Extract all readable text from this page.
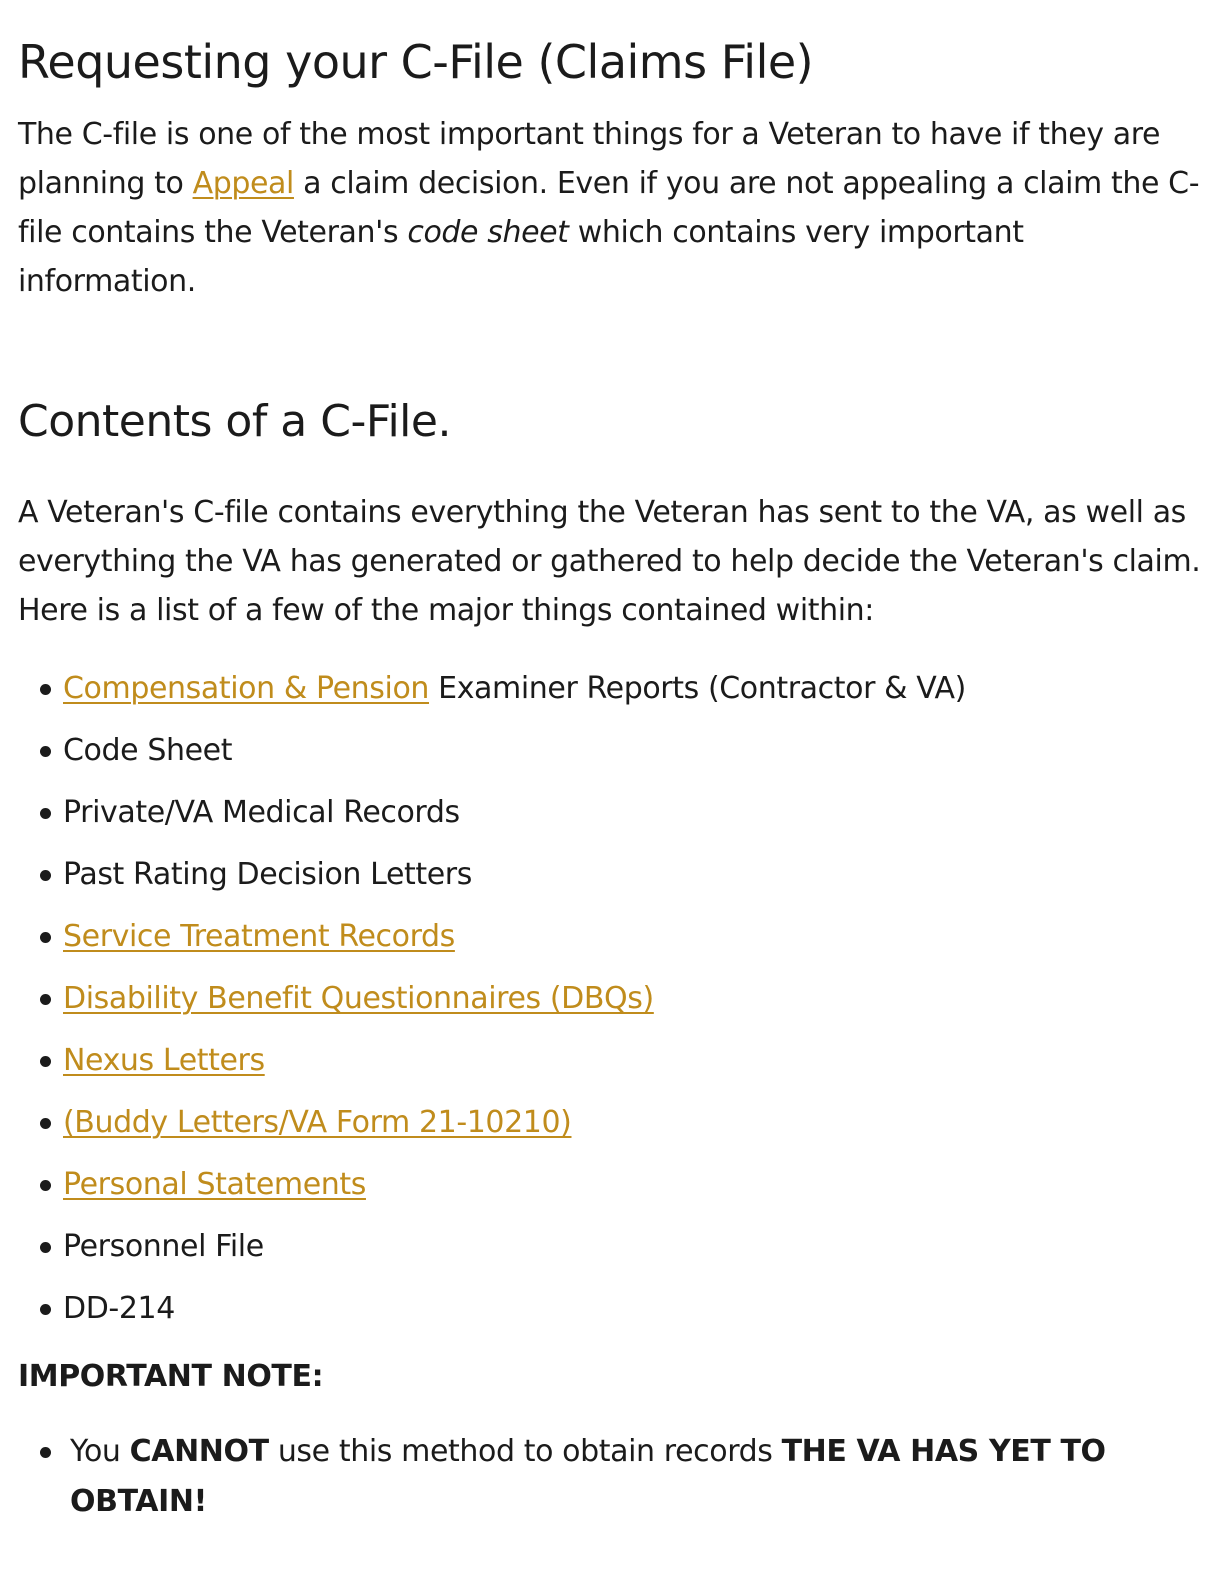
Requesting your C-File (Claims File)

The C-file is one of the most important things for a Veteran to have if they are planning to Appeal a claim decision. Even if you are not appealing a claim the C-file contains the Veteran's code sheet which contains very important information.

Contents of a C-File.

A Veteran's C-file contains everything the Veteran has sent to the VA, as well as everything the VA has generated or gathered to help decide the Veteran's claim. Here is a list of a few of the major things contained within:

Compensation & Pension Examiner Reports (Contractor & VA)
Code Sheet
Private/VA Medical Records
Past Rating Decision Letters
Service Treatment Records
Disability Benefit Questionnaires (DBQs)
Nexus Letters
(Buddy Letters/VA Form 21-10210)
Personal Statements
Personnel File
DD-214

IMPORTANT NOTE:

You CANNOT use this method to obtain records THE VA HAS YET TO OBTAIN!
